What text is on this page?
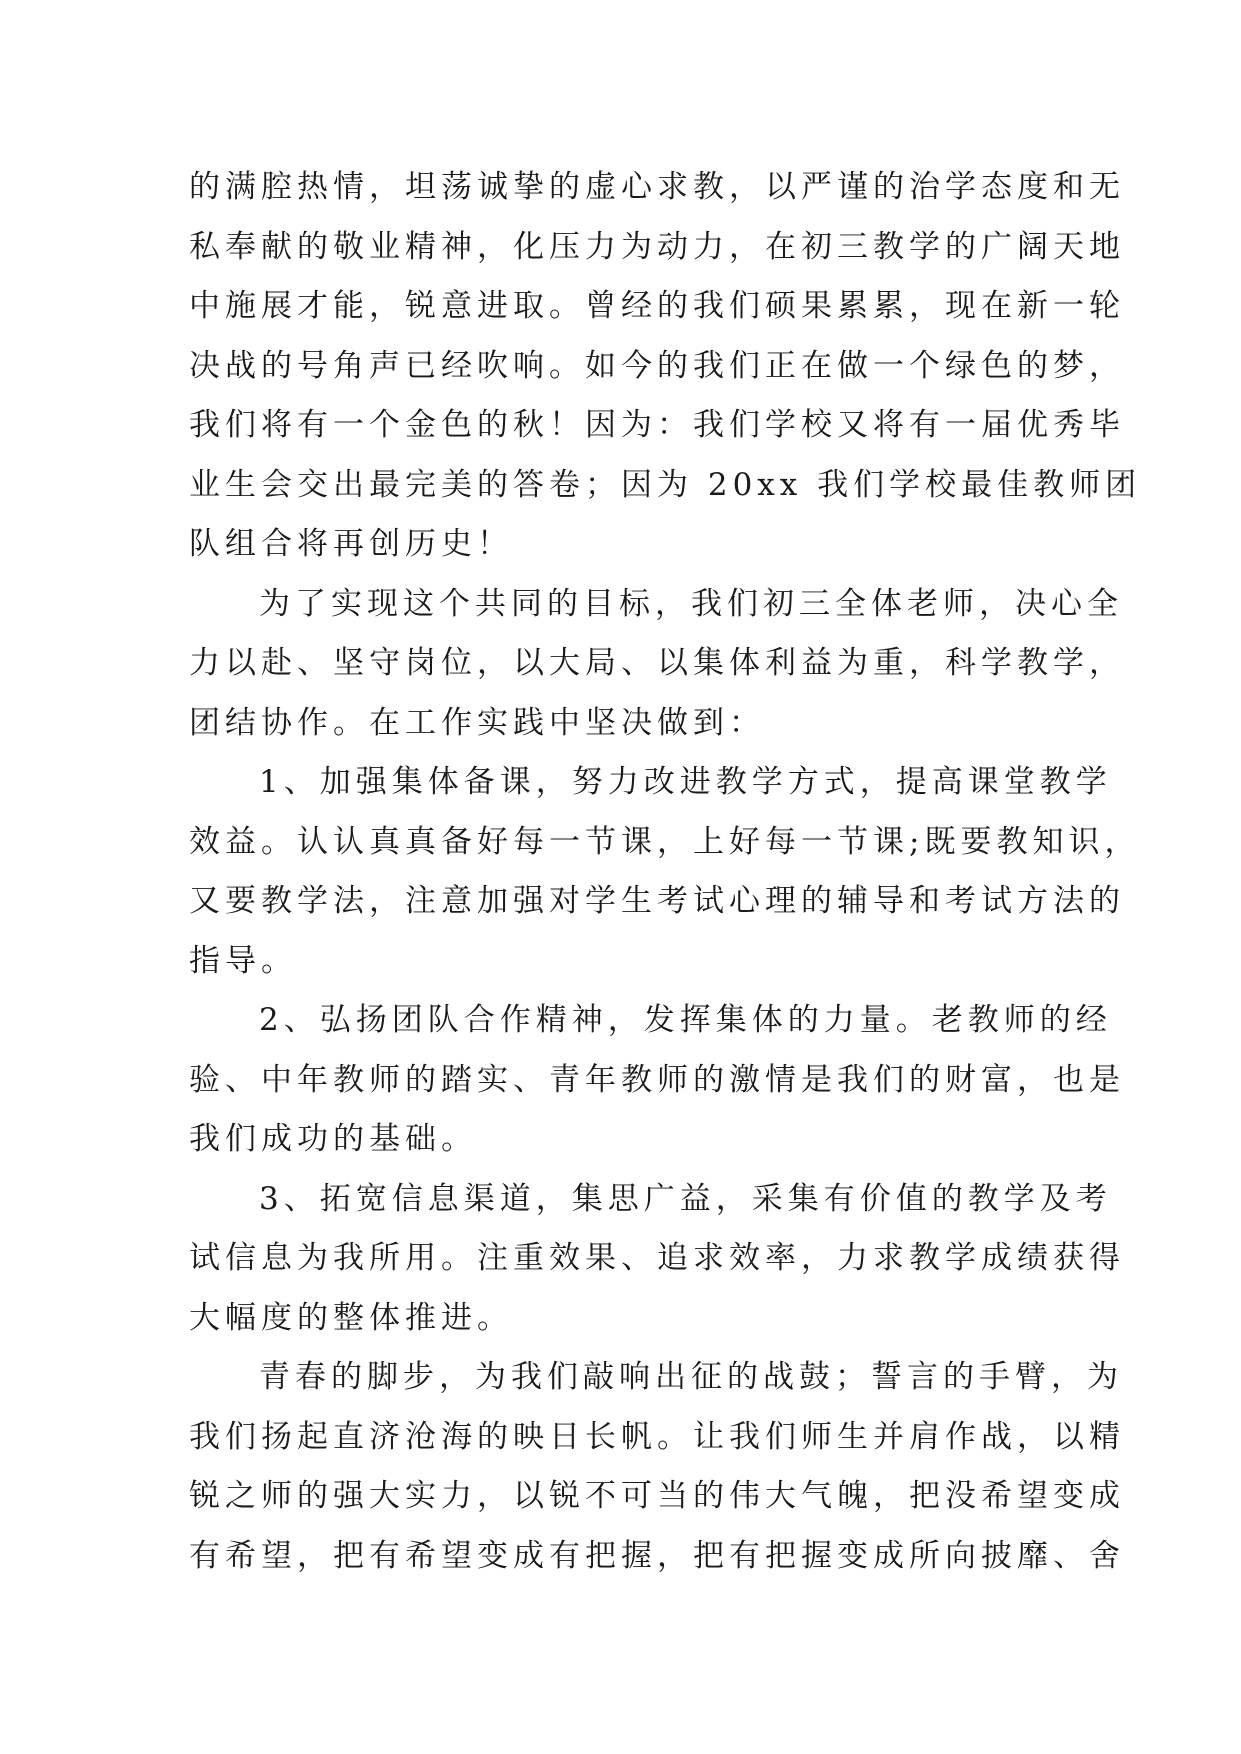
的满腔热情，坦荡诚挚的虚心求教，以严谨的治学态度和无
私奉献的敬业精神，化压力为动力，在初三教学的广阔天地
中施展才能，锐意进取。曾经的我们硕果累累，现在新一轮
决战的号角声已经吹响。如今的我们正在做一个绿色的梦，
我们将有一个金色的秋！因为：我们学校又将有一届优秀毕
业生会交出最完美的答卷；因为 20xx 我们学校最佳教师团
队组合将再创历史！

为了实现这个共同的目标，我们初三全体老师，决心全
力以赴、坚守岗位，以大局、以集体利益为重，科学教学，
团结协作。在工作实践中坚决做到：

1、加强集体备课，努力改进教学方式，提高课堂教学
效益。认认真真备好每一节课，上好每一节课;既要教知识，
又要教学法，注意加强对学生考试心理的辅导和考试方法的
指导。

2、弘扬团队合作精神，发挥集体的力量。老教师的经
验、中年教师的踏实、青年教师的激情是我们的财富，也是
我们成功的基础。

3、拓宽信息渠道，集思广益，采集有价值的教学及考
试信息为我所用。注重效果、追求效率，力求教学成绩获得
大幅度的整体推进。

青春的脚步，为我们敲响出征的战鼓；誓言的手臂，为
我们扬起直济沧海的映日长帆。让我们师生并肩作战，以精
锐之师的强大实力，以锐不可当的伟大气魄，把没希望变成
有希望，把有希望变成有把握，把有把握变成所向披靡、舍
